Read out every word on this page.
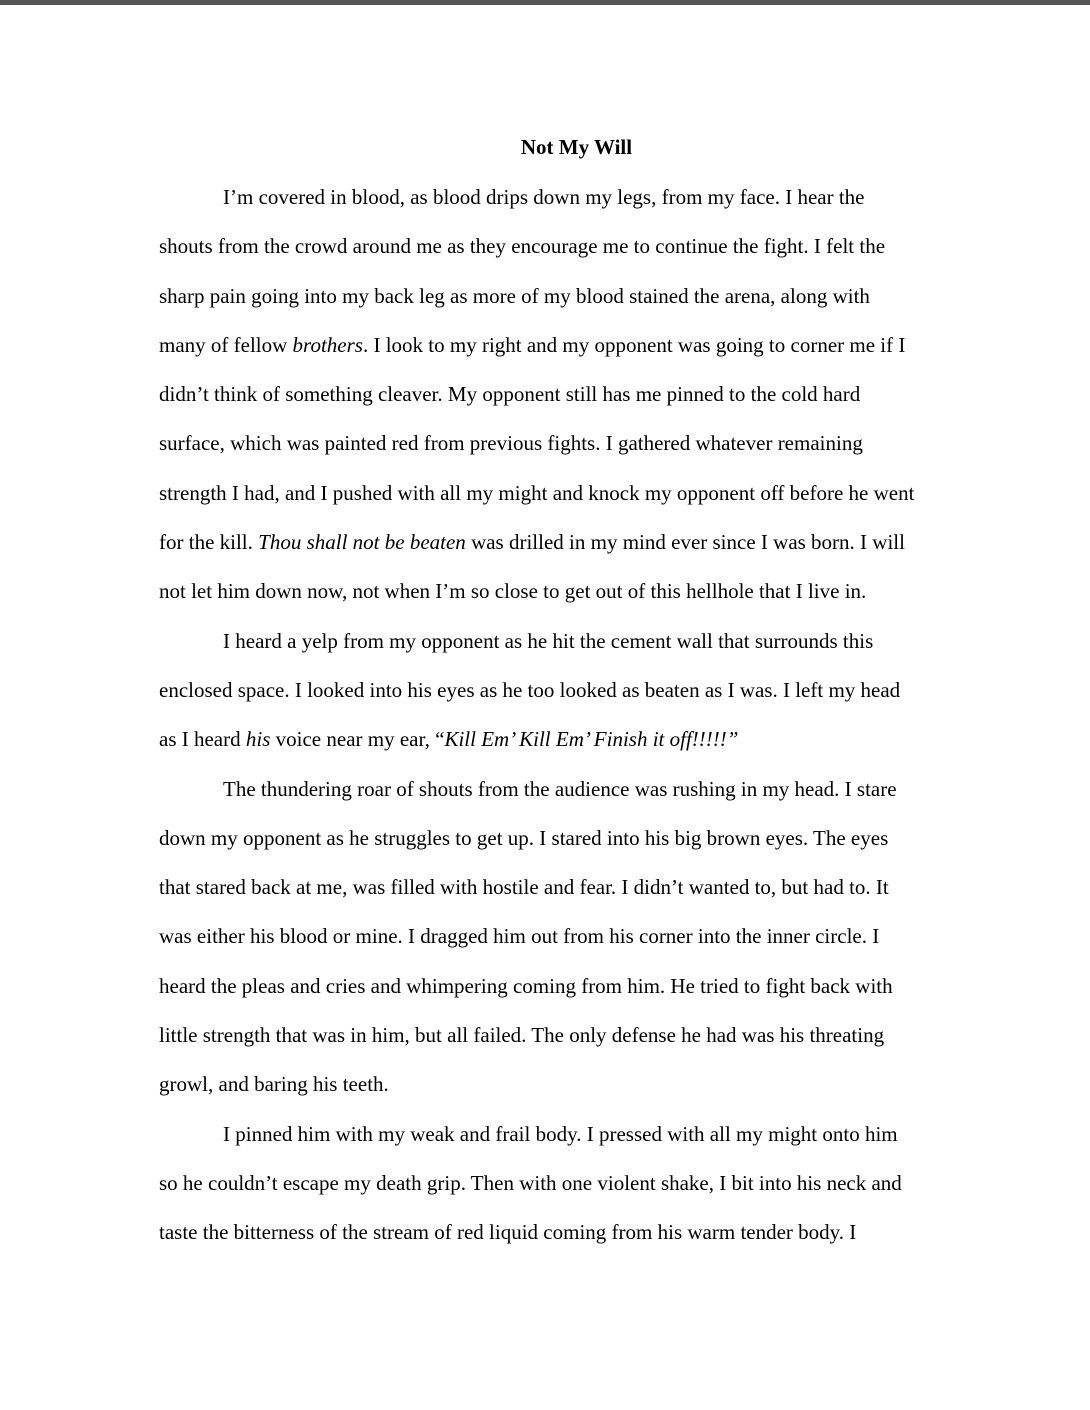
Not My Will
I’m covered in blood, as blood drips down my legs, from my face. I hear the
shouts from the crowd around me as they encourage me to continue the fight. I felt the
sharp pain going into my back leg as more of my blood stained the arena, along with
many of fellow brothers. I look to my right and my opponent was going to corner me if I
didn’t think of something cleaver. My opponent still has me pinned to the cold hard
surface, which was painted red from previous fights. I gathered whatever remaining
strength I had, and I pushed with all my might and knock my opponent off before he went
for the kill. Thou shall not be beaten was drilled in my mind ever since I was born. I will
not let him down now, not when I’m so close to get out of this hellhole that I live in.
I heard a yelp from my opponent as he hit the cement wall that surrounds this
enclosed space. I looked into his eyes as he too looked as beaten as I was. I left my head
as I heard his voice near my ear, “Kill Em’ Kill Em’ Finish it off!!!!!”
The thundering roar of shouts from the audience was rushing in my head. I stare
down my opponent as he struggles to get up. I stared into his big brown eyes. The eyes
that stared back at me, was filled with hostile and fear. I didn’t wanted to, but had to. It
was either his blood or mine. I dragged him out from his corner into the inner circle. I
heard the pleas and cries and whimpering coming from him. He tried to fight back with
little strength that was in him, but all failed. The only defense he had was his threating
growl, and baring his teeth.
I pinned him with my weak and frail body. I pressed with all my might onto him
so he couldn’t escape my death grip. Then with one violent shake, I bit into his neck and
taste the bitterness of the stream of red liquid coming from his warm tender body. I
